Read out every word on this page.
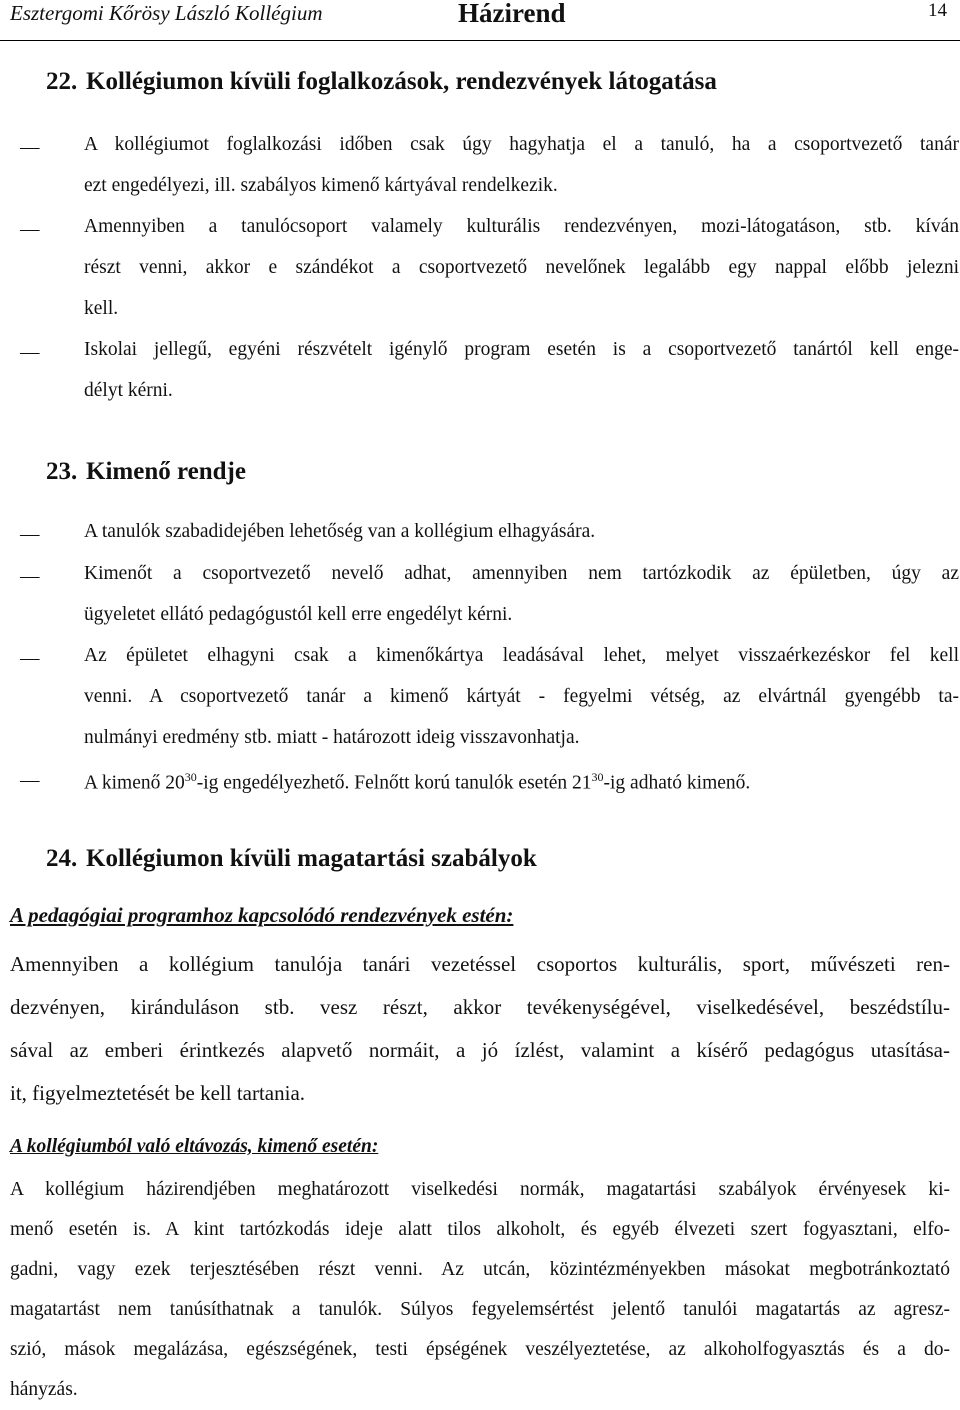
Esztergomi Kőrösy László Kollégium	Házirend	14
22. Kollégiumon kívüli foglalkozások, rendezvények látogatása
—	A kollégiumot foglalkozási időben csak úgy hagyhatja el a tanuló, ha a csoportvezető tanár
ezt engedélyezi, ill. szabályos kimenő kártyával rendelkezik.
—	Amennyiben a tanulócsoport valamely kulturális rendezvényen, mozi-látogatáson, stb. kíván
részt venni, akkor e szándékot a csoportvezető nevelőnek legalább egy nappal előbb jelezni
kell.
—	Iskolai jellegű, egyéni részvételt igénylő program esetén is a csoportvezető tanártól kell enge-
délyt kérni.
23. Kimenő rendje
—	A tanulók szabadidejében lehetőség van a kollégium elhagyására.
—	Kimenőt a csoportvezető nevelő adhat, amennyiben nem tartózkodik az épületben, úgy az
ügyeletet ellátó pedagógustól kell erre engedélyt kérni.
—	Az épületet elhagyni csak a kimenőkártya leadásával lehet, melyet visszaérkezéskor fel kell
venni. A csoportvezető tanár a kimenő kártyát - fegyelmi vétség, az elvártnál gyengébb ta-
nulmányi eredmény stb. miatt - határozott ideig visszavonhatja.
—	A kimenő $20^{30}-ig$ engedélyezhető. Felnőtt korú tanulók esetén $21^{30}-ig$ adható kimenő.
24. Kollégiumon kívüli magatartási szabályok
A pedagógiai programhoz kapcsolódó rendezvények estén:
Amennyiben a kollégium tanulója tanári vezetéssel csoportos kulturális, sport, művészeti ren-
dezvényen, kiránduláson stb. vesz részt, akkor tevékenységével, viselkedésével, beszédstílu-
sával az emberi érintkezés alapvető normáit, a jó ízlést, valamint a kísérő pedagógus utasítása-
it, figyelmeztetését be kell tartania.
A kollégiumból való eltávozás, kimenő esetén:
A kollégium házirendjében meghatározott viselkedési normák, magatartási szabályok érvényesek ki-
menő esetén is. A kint tartózkodás ideje alatt tilos alkoholt, és egyéb élvezeti szert fogyasztani, elfo-
gadni, vagy ezek terjesztésében részt venni. Az utcán, közintézményekben másokat megbotránkoztató
magatartást nem tanúsíthatnak a tanulók. Súlyos fegyelemsértést jelentő tanulói magatartás az agresz-
szió, mások megalázása, egészségének, testi épségének veszélyeztetése, az alkoholfogyasztás és a do-
hányzás.
